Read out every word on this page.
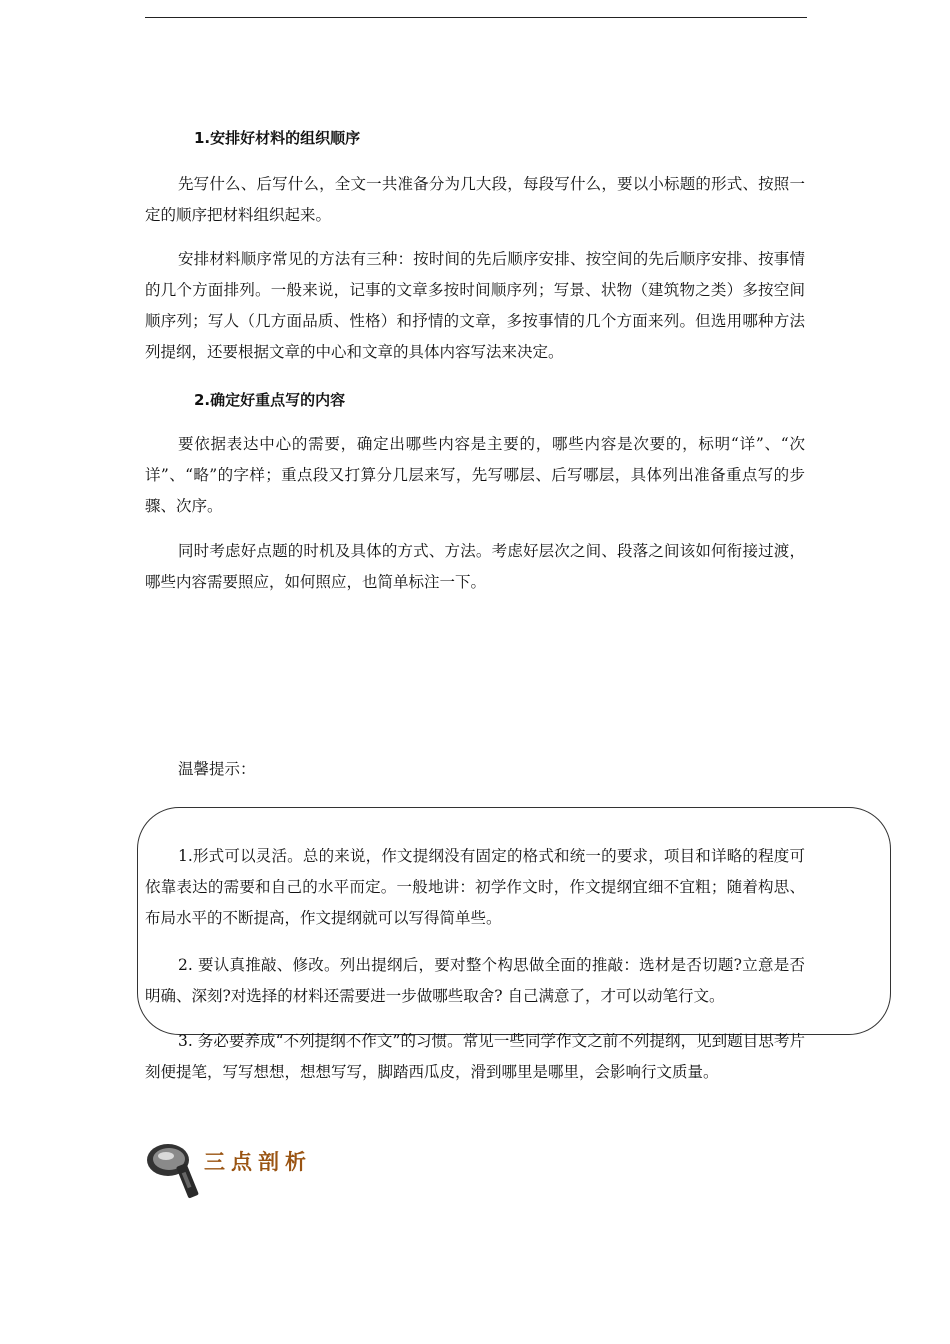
1.安排好材料的组织顺序

先写什么、后写什么，全文一共准备分为几大段，每段写什么，要以小标题的形式、按照一定的顺序把材料组织起来。

安排材料顺序常见的方法有三种：按时间的先后顺序安排、按空间的先后顺序安排、按事情的几个方面排列。一般来说，记事的文章多按时间顺序列；写景、状物（建筑物之类）多按空间顺序列；写人（几方面品质、性格）和抒情的文章，多按事情的几个方面来列。但选用哪种方法列提纲，还要根据文章的中心和文章的具体内容写法来决定。

2.确定好重点写的内容

要依据表达中心的需要，确定出哪些内容是主要的，哪些内容是次要的，标明“详”、“次详”、“略”的字样；重点段又打算分几层来写，先写哪层、后写哪层，具体列出准备重点写的步骤、次序。

同时考虑好点题的时机及具体的方式、方法。考虑好层次之间、段落之间该如何衔接过渡，哪些内容需要照应，如何照应，也简单标注一下。

温馨提示：

1.形式可以灵活。总的来说，作文提纲没有固定的格式和统一的要求，项目和详略的程度可依靠表达的需要和自己的水平而定。一般地讲：初学作文时，作文提纲宜细不宜粗；随着构思、布局水平的不断提高，作文提纲就可以写得简单些。

2. 要认真推敲、修改。列出提纲后，要对整个构思做全面的推敲：选材是否切题?立意是否明确、深刻?对选择的材料还需要进一步做哪些取舍? 自己满意了，才可以动笔行文。

3. 务必要养成“不列提纲不作文”的习惯。常见一些同学作文之前不列提纲，见到题目思考片刻便提笔，写写想想，想想写写，脚踏西瓜皮，滑到哪里是哪里，会影响行文质量。

三点剖析
